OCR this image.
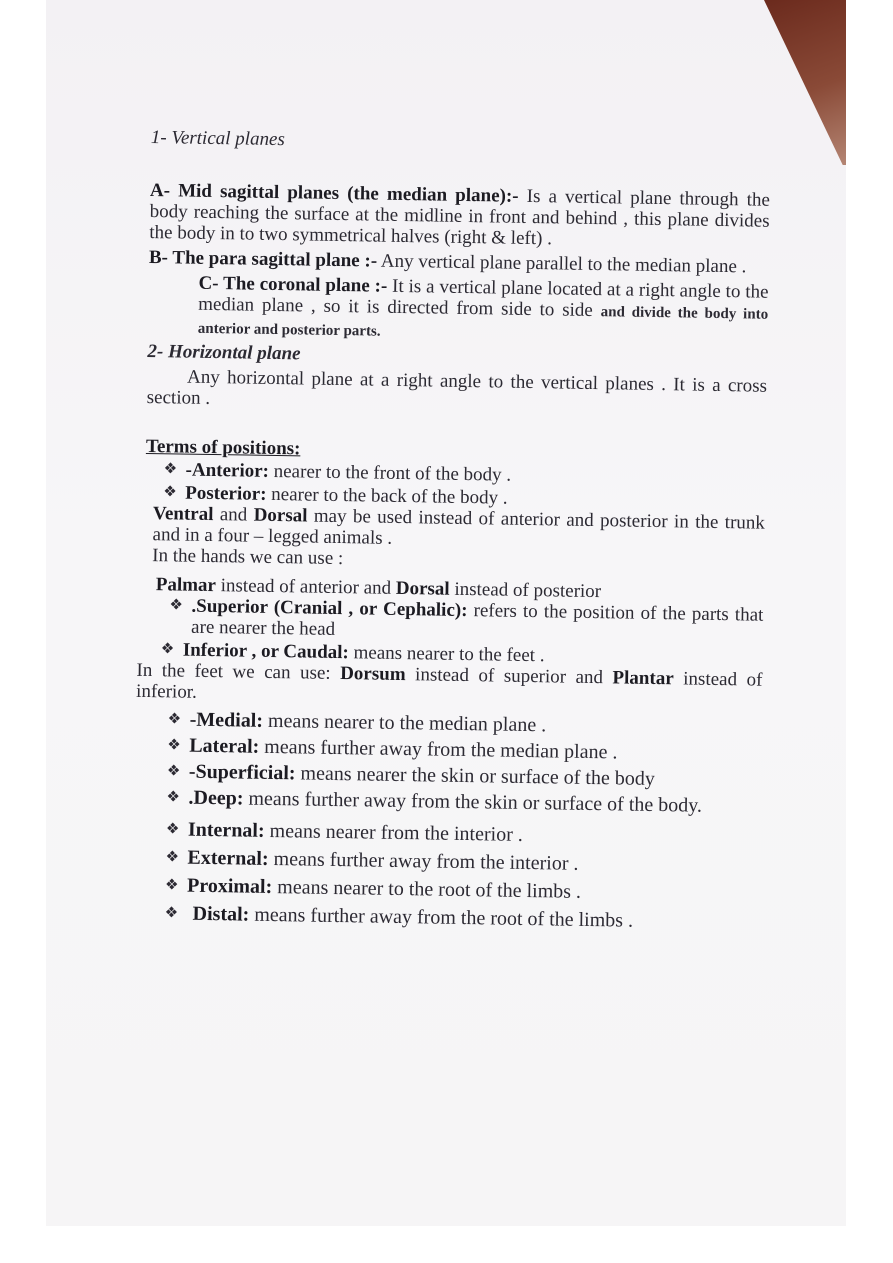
1- Vertical planes

A- Mid sagittal planes (the median plane):- Is a vertical plane through the body reaching the surface at the midline in front and behind , this plane divides the body in to two symmetrical halves (right & left) .

B- The para sagittal plane :- Any vertical plane parallel to the median plane .

C- The coronal plane :- It is a vertical plane located at a right angle to the median plane , so it is directed from side to side and divide the body into anterior and posterior parts.

2- Horizontal plane

Any horizontal plane at a right angle to the vertical planes . It is a cross section .

Terms of positions:

❖ -Anterior: nearer to the front of the body .

❖ Posterior: nearer to the back of the body .

Ventral and Dorsal may be used instead of anterior and posterior in the trunk and in a four – legged animals .

In the hands we can use :

Palmar instead of anterior and Dorsal instead of posterior

❖ .Superior (Cranial , or Cephalic): refers to the position of the parts that are nearer the head

❖ Inferior , or Caudal: means nearer to the feet .

In the feet we can use: Dorsum instead of superior and Plantar instead of inferior.

❖ -Medial: means nearer to the median plane .

❖ Lateral: means further away from the median plane .

❖ -Superficial: means nearer the skin or surface of the body

❖ .Deep: means further away from the skin or surface of the body.

❖ Internal: means nearer from the interior .

❖ External: means further away from the interior .

❖ Proximal: means nearer to the root of the limbs .

❖ Distal: means further away from the root of the limbs .
